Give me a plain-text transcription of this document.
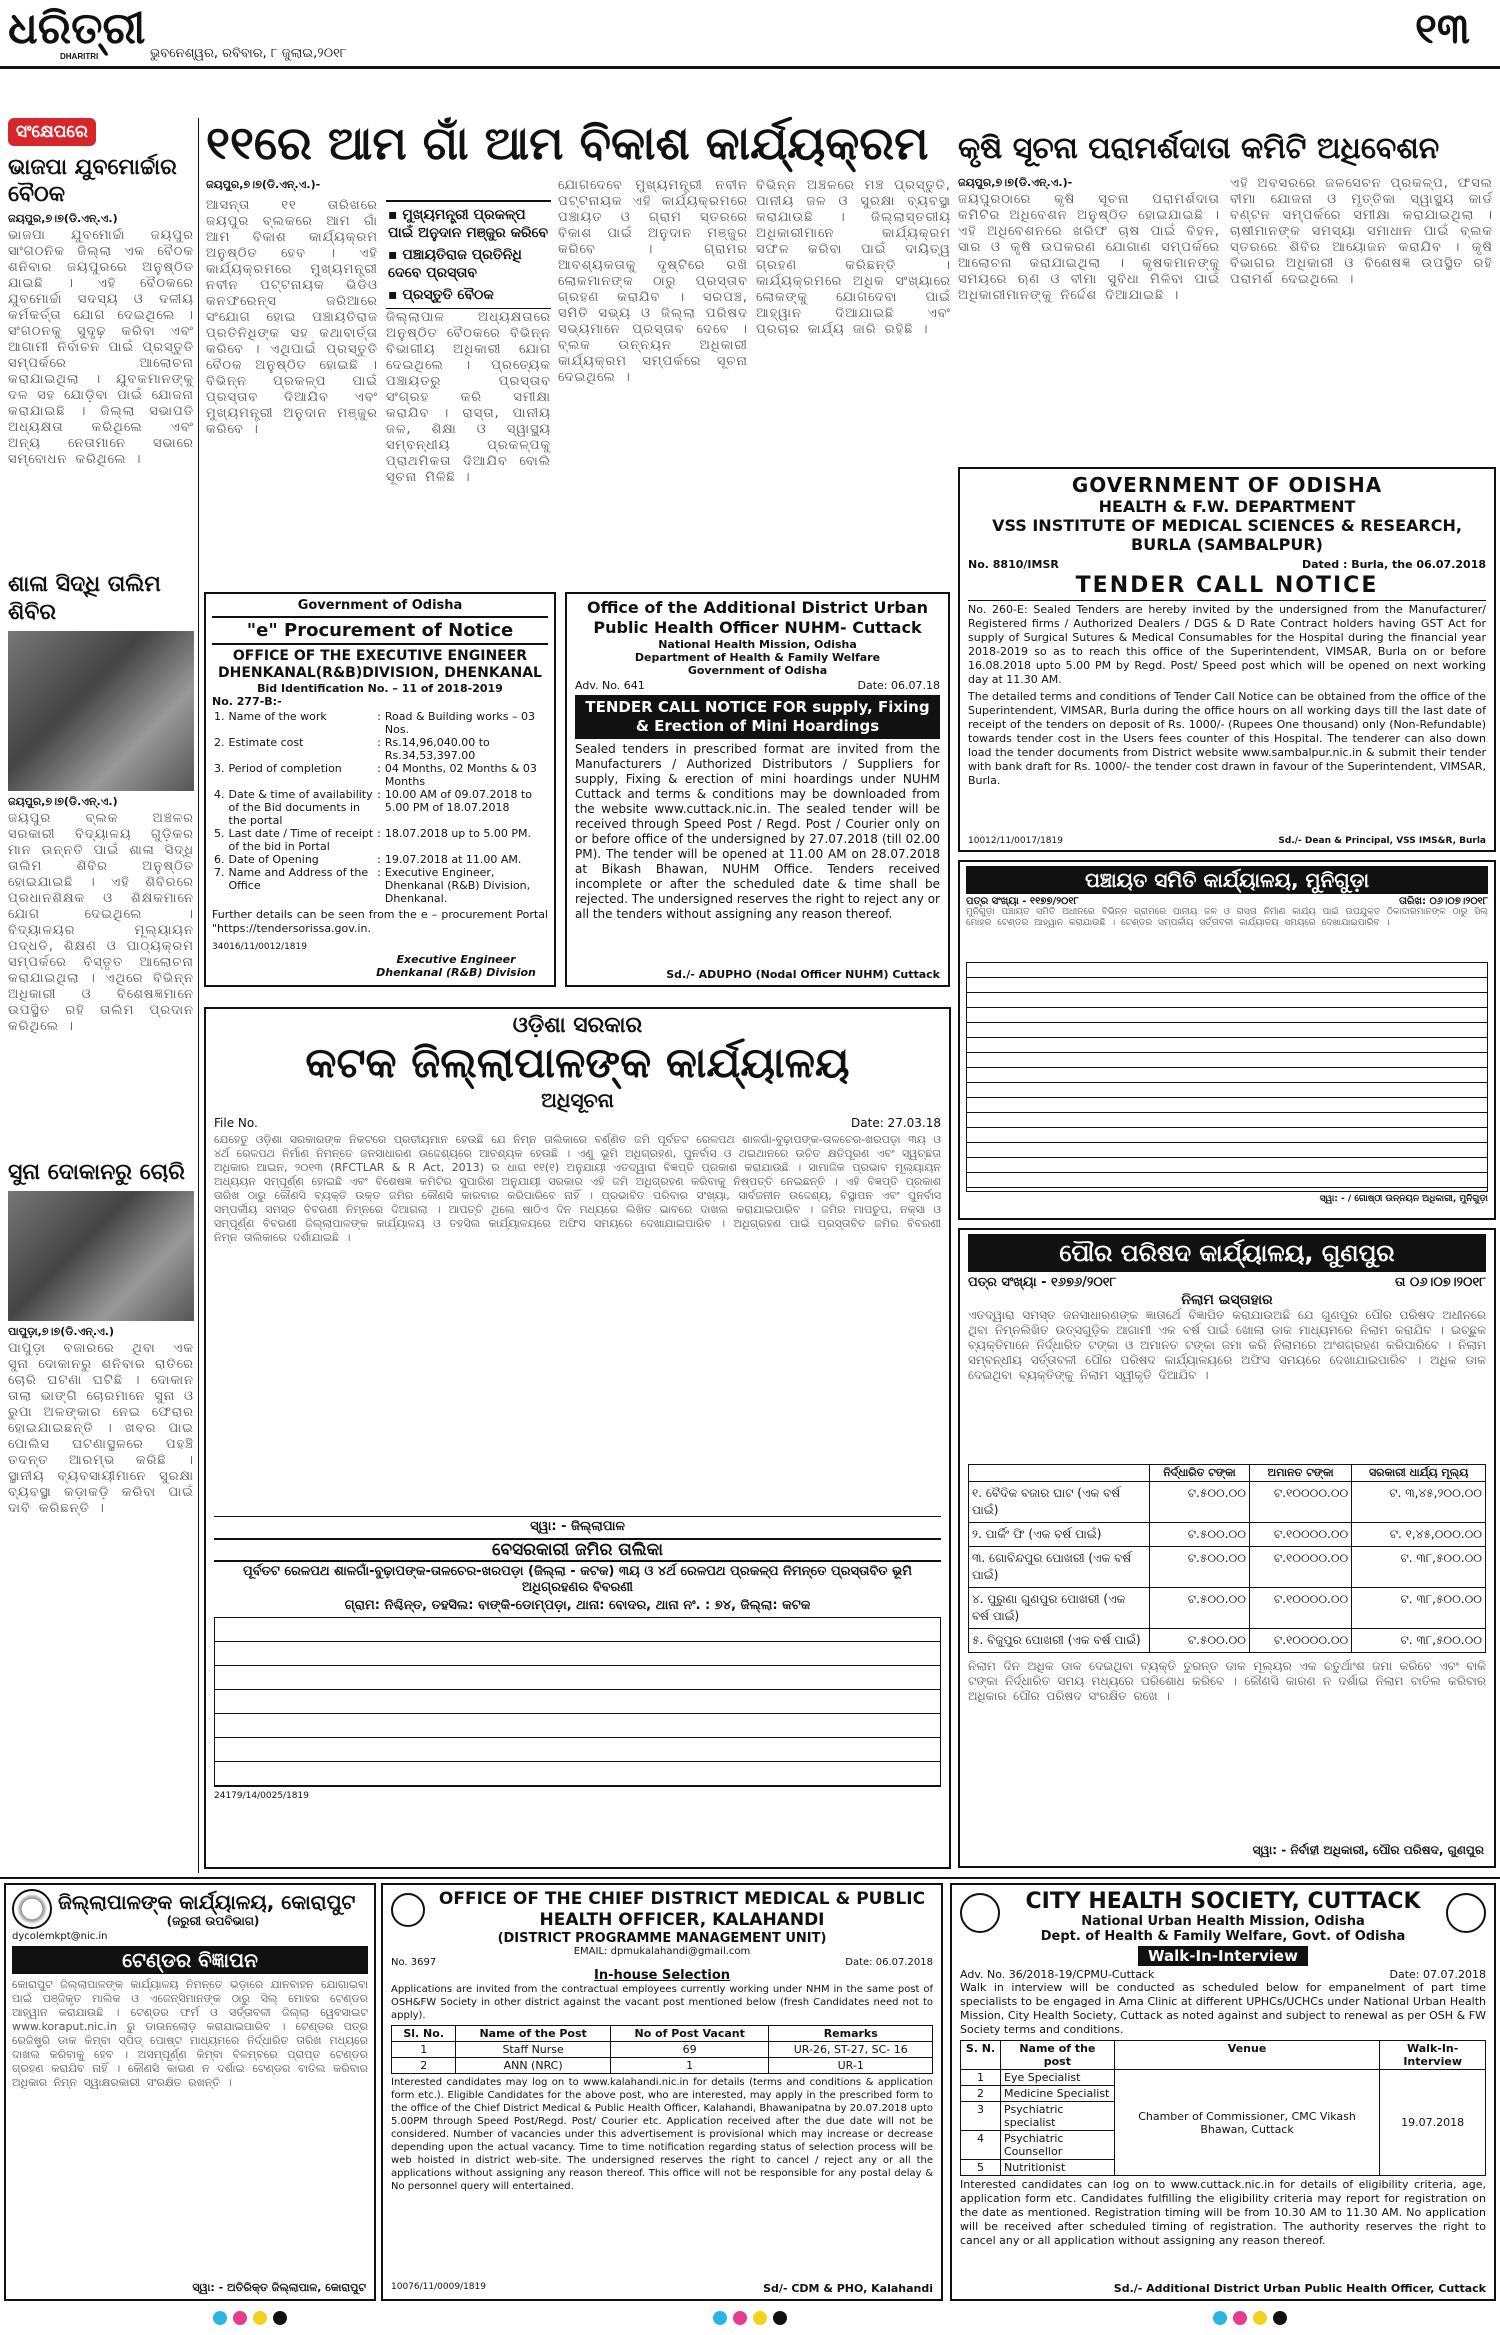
ଧରିତ୍ରୀ
DHARITRI	ଭୁବନେଶ୍ୱର, ରବିବାର, ୮ ଜୁଲାଇ,୨୦୧୮
୧୩
ସଂକ୍ଷେପରେ
ଭାଜପା ଯୁବମୋର୍ଚ୍ଚାର ବୈଠକ
ଜୟପୁର,୭।୭(ଡି.ଏନ୍.ଏ.)
ଭାଜପା ଯୁବମୋର୍ଚ୍ଚା ଜୟପୁର ସାଂଗଠନିକ ଜିଲ୍ଲା ଏକ ବୈଠକ ଶନିବାର ଜୟପୁରରେ ଅନୁଷ୍ଠିତ ଯାଇଛି । ଏହି ବୈଠକରେ ଯୁବମୋର୍ଚ୍ଚା ସଦସ୍ୟ ଓ ଦଳୀୟ କର୍ମକର୍ତ୍ତା ଯୋଗ ଦେଇଥିଲେ । ସଂଗଠନକୁ ସୁଦୃଢ଼ କରିବା ଏବଂ ଆଗାମୀ ନିର୍ବାଚନ ପାଇଁ ପ୍ରସ୍ତୁତି ସମ୍ପର୍କରେ ଆଲୋଚନା କରାଯାଇଥିଲା । ଯୁବକମାନଙ୍କୁ ଦଳ ସହ ଯୋଡ଼ିବା ପାଇଁ ଯୋଜନା କରାଯାଇଛି । ଜିଲ୍ଲା ସଭାପତି ଅଧ୍ୟକ୍ଷତା କରିଥିଲେ ଏବଂ ଅନ୍ୟ ନେତାମାନେ ସଭାରେ ସମ୍ବୋଧନ କରିଥିଲେ ।
ଶାଳା ସିଦ୍ଧି ତାଲିମ ଶିବିର
ଜୟପୁର,୭।୭(ଡି.ଏନ୍.ଏ.)
ଜୟପୁର ବ୍ଲକ ଅଞ୍ଚଳର ସରକାରୀ ବିଦ୍ୟାଳୟ ଗୁଡ଼ିକର ମାନ ଉନ୍ନତି ପାଇଁ ଶାଳା ସିଦ୍ଧି ତାଲିମ ଶିବିର ଅନୁଷ୍ଠିତ ହୋଇଯାଇଛି । ଏହି ଶିବିରରେ ପ୍ରଧାନଶିକ୍ଷକ ଓ ଶିକ୍ଷକମାନେ ଯୋଗ ଦେଇଥିଲେ । ବିଦ୍ୟାଳୟର ମୂଲ୍ୟାୟନ ପଦ୍ଧତି, ଶିକ୍ଷଣ ଓ ପାଠ୍ୟକ୍ରମ ସମ୍ପର୍କରେ ବିସ୍ତୃତ ଆଲୋଚନା କରାଯାଇଥିଲା । ଏଥିରେ ବିଭିନ୍ନ ଅଧିକାରୀ ଓ ବିଶେଷଜ୍ଞମାନେ ଉପସ୍ଥିତ ରହି ତାଲିମ ପ୍ରଦାନ କରିଥିଲେ ।
ସୁନା ଦୋକାନରୁ ଚୋରି
ପାପୁଡ଼ା,୭।୭(ଡି.ଏନ୍.ଏ.)
ପାପୁଡ଼ା ବଜାରରେ ଥିବା ଏକ ସୁନା ଦୋକାନରୁ ଶନିବାର ରାତିରେ ଚୋରି ଘଟଣା ଘଟିଛି । ଦୋକାନ ତାଲା ଭାଙ୍ଗି ଚୋରମାନେ ସୁନା ଓ ରୁପା ଅଳଙ୍କାର ନେଇ ଫେରାର ହୋଇଯାଇଛନ୍ତି । ଖବର ପାଇ ପୋଲିସ ଘଟଣାସ୍ଥଳରେ ପହଞ୍ଚି ତଦନ୍ତ ଆରମ୍ଭ କରିଛି । ସ୍ଥାନୀୟ ବ୍ୟବସାୟୀମାନେ ସୁରକ୍ଷା ବ୍ୟବସ୍ଥା କଡ଼ାକଡ଼ି କରିବା ପାଇଁ ଦାବି କରିଛନ୍ତି ।
୧୧ରେ ଆମ ଗାଁ ଆମ ବିକାଶ କାର୍ଯ୍ୟକ୍ରମ
ଜୟପୁର,୭।୭(ଡି.ଏନ୍.ଏ.)-
▪ ମୁଖ୍ୟମନ୍ତ୍ରୀ ପ୍ରକଳ୍ପ ପାଇଁ ଅନୁଦାନ ମଞ୍ଜୁର କରିବେ
▪ ପଞ୍ଚାୟତିରାଜ ପ୍ରତିନିଧି ଦେବେ ପ୍ରସ୍ତାବ
▪ ପ୍ରସ୍ତୁତି ବୈଠକ
ଆସନ୍ତା ୧୧ ତାରିଖରେ ଜୟପୁର ବ୍ଲକରେ ଆମ ଗାଁ ଆମ ବିକାଶ କାର୍ଯ୍ୟକ୍ରମ ଅନୁଷ୍ଠିତ ହେବ । ଏହି କାର୍ଯ୍ୟକ୍ରମରେ ମୁଖ୍ୟମନ୍ତ୍ରୀ ନବୀନ ପଟ୍ଟନାୟକ ଭିଡିଓ କନଫରେନ୍ସ ଜରିଆରେ ସଂଯୋଗ ହୋଇ ପଞ୍ଚାୟତିରାଜ ପ୍ରତିନିଧିଙ୍କ ସହ କଥାବାର୍ତ୍ତା କରିବେ । ଏଥିପାଇଁ ପ୍ରସ୍ତୁତି ବୈଠକ ଅନୁଷ୍ଠିତ ହୋଇଛି । ବିଭିନ୍ନ ପ୍ରକଳ୍ପ ପାଇଁ ପ୍ରସ୍ତାବ ଦିଆଯିବ ଏବଂ ମୁଖ୍ୟମନ୍ତ୍ରୀ ଅନୁଦାନ ମଞ୍ଜୁର କରିବେ ।
ଜିଲ୍ଲାପାଳ ଅଧ୍ୟକ୍ଷତାରେ ଅନୁଷ୍ଠିତ ବୈଠକରେ ବିଭିନ୍ନ ବିଭାଗୀୟ ଅଧିକାରୀ ଯୋଗ ଦେଇଥିଲେ । ପ୍ରତ୍ୟେକ ପଞ୍ଚାୟତରୁ ପ୍ରସ୍ତାବ ସଂଗ୍ରହ କରି ସମୀକ୍ଷା କରାଯିବ । ରାସ୍ତା, ପାନୀୟ ଜଳ, ଶିକ୍ଷା ଓ ସ୍ୱାସ୍ଥ୍ୟ ସମ୍ବନ୍ଧୀୟ ପ୍ରକଳ୍ପକୁ ପ୍ରାଥମିକତା ଦିଆଯିବ ବୋଲି ସୂଚନା ମିଳିଛି ।
ଯୋଗଦେବେ ମୁଖ୍ୟମନ୍ତ୍ରୀ ନବୀନ ପଟ୍ଟନାୟକ ଏହି କାର୍ଯ୍ୟକ୍ରମରେ ପଞ୍ଚାୟତ ଓ ଗ୍ରାମ ସ୍ତରରେ ବିକାଶ ପାଇଁ ଅନୁଦାନ ମଞ୍ଜୁର କରିବେ । ଗ୍ରାମର ଆବଶ୍ୟକତାକୁ ଦୃଷ୍ଟିରେ ରଖି ଲୋକମାନଙ୍କ ଠାରୁ ପ୍ରସ୍ତାବ ଗ୍ରହଣ କରାଯିବ । ସରପଞ୍ଚ, ସମିତି ସଭ୍ୟ ଓ ଜିଲ୍ଲା ପରିଷଦ ସଭ୍ୟମାନେ ପ୍ରସ୍ତାବ ଦେବେ । ବ୍ଲକ ଉନ୍ନୟନ ଅଧିକାରୀ କାର୍ଯ୍ୟକ୍ରମ ସମ୍ପର୍କରେ ସୂଚନା ଦେଇଥିଲେ ।
ବିଭିନ୍ନ ଅଞ୍ଚଳରେ ମଞ୍ଚ ପ୍ରସ୍ତୁତି, ପାନୀୟ ଜଳ ଓ ସୁରକ୍ଷା ବ୍ୟବସ୍ଥା କରାଯାଉଛି । ଜିଲ୍ଲାସ୍ତରୀୟ ଅଧିକାରୀମାନେ କାର୍ଯ୍ୟକ୍ରମ ସଫଳ କରିବା ପାଇଁ ଦାୟିତ୍ୱ ଗ୍ରହଣ କରିଛନ୍ତି । କାର୍ଯ୍ୟକ୍ରମରେ ଅଧିକ ସଂଖ୍ୟାରେ ଲୋକଙ୍କୁ ଯୋଗଦେବା ପାଇଁ ଆହ୍ୱାନ ଦିଆଯାଇଛି ଏବଂ ପ୍ରଚାର କାର୍ଯ୍ୟ ଜାରି ରହିଛି ।
କୃଷି ସୂଚନା ପରାମର୍ଶଦାତା କମିଟି ଅଧିବେଶନ
ଜୟପୁର,୭।୭(ଡି.ଏନ୍.ଏ.)-
ଜୟପୁରଠାରେ କୃଷି ସୂଚନା ପରାମର୍ଶଦାତା କମିଟିର ଅଧିବେଶନ ଅନୁଷ୍ଠିତ ହୋଇଯାଇଛି । ଏହି ଅଧିବେଶନରେ ଖରିଫ ଚାଷ ପାଇଁ ବିହନ, ସାର ଓ କୃଷି ଉପକରଣ ଯୋଗାଣ ସମ୍ପର୍କରେ ଆଲୋଚନା କରାଯାଇଥିଲା । କୃଷକମାନଙ୍କୁ ସମୟରେ ଋଣ ଓ ବୀମା ସୁବିଧା ମିଳିବା ପାଇଁ ଅଧିକାରୀମାନଙ୍କୁ ନିର୍ଦ୍ଦେଶ ଦିଆଯାଇଛି ।
ଏହି ଅବସରରେ ଜଳସେଚନ ପ୍ରକଳ୍ପ, ଫସଲ ବୀମା ଯୋଜନା ଓ ମୃତ୍ତିକା ସ୍ୱାସ୍ଥ୍ୟ କାର୍ଡ ବଣ୍ଟନ ସମ୍ପର୍କରେ ସମୀକ୍ଷା କରାଯାଇଥିଲା । ଚାଷୀମାନଙ୍କ ସମସ୍ୟା ସମାଧାନ ପାଇଁ ବ୍ଲକ ସ୍ତରରେ ଶିବିର ଆୟୋଜନ କରାଯିବ । କୃଷି ବିଭାଗର ଅଧିକାରୀ ଓ ବିଶେଷଜ୍ଞ ଉପସ୍ଥିତ ରହି ପରାମର୍ଶ ଦେଇଥିଲେ ।
Government of Odisha
"e" Procurement of Notice
OFFICE OF THE EXECUTIVE ENGINEER DHENKANAL(R&B)DIVISION, DHENKANAL
Bid Identification No. – 11 of 2018-2019
No. 277-B:-
1.	Name of the work	:	Road & Building works – 03 Nos.
2.	Estimate cost	:	Rs.14,96,040.00 to Rs.34,53,397.00
3.	Period of completion	:	04 Months, 02 Months & 03 Months
4.	Date & time of availability of the Bid documents in the portal	:	10.00 AM of 09.07.2018 to 5.00 PM of 18.07.2018
5.	Last date / Time of receipt of the bid in Portal	:	18.07.2018 up to 5.00 PM.
6.	Date of Opening	:	19.07.2018 at 11.00 AM.
7.	Name and Address of the Office	:	Executive Engineer, Dhenkanal (R&B) Division, Dhenkanal.
Further details can be seen from the e – procurement Portal "https://tendersorissa.gov.in.
34016/11/0012/1819
Executive Engineer Dhenkanal (R&B) Division
Office of the Additional District Urban Public Health Officer NUHM- Cuttack
National Health Mission, Odisha
Department of Health & Family Welfare
Government of Odisha
Adv. No. 641	Date: 06.07.18
TENDER CALL NOTICE FOR supply, Fixing & Erection of Mini Hoardings
Sealed tenders in prescribed format are invited from the Manufacturers / Authorized Distributors / Suppliers for supply, Fixing & erection of mini hoardings under NUHM Cuttack and terms & conditions may be downloaded from the website www.cuttack.nic.in. The sealed tender will be received through Speed Post / Regd. Post / Courier only on or before office of the undersigned by 27.07.2018 (till 02.00 PM). The tender will be opened at 11.00 AM on 28.07.2018 at Bikash Bhawan, NUHM Office. Tenders received incomplete or after the scheduled date & time shall be rejected. The undersigned reserves the right to reject any or all the tenders without assigning any reason thereof.
Sd./- ADUPHO (Nodal Officer NUHM) Cuttack
GOVERNMENT OF ODISHA
HEALTH & F.W. DEPARTMENT
VSS INSTITUTE OF MEDICAL SCIENCES & RESEARCH, BURLA (SAMBALPUR)
No. 8810/IMSR	Dated : Burla, the 06.07.2018
TENDER CALL NOTICE
No. 260-E: Sealed Tenders are hereby invited by the undersigned from the Manufacturer/ Registered firms / Authorized Dealers / DGS & D Rate Contract holders having GST Act for supply of Surgical Sutures & Medical Consumables for the Hospital during the financial year 2018-2019 so as to reach this office of the Superintendent, VIMSAR, Burla on or before 16.08.2018 upto 5.00 PM by Regd. Post/ Speed post which will be opened on next working day at 11.30 AM.
The detailed terms and conditions of Tender Call Notice can be obtained from the office of the Superintendent, VIMSAR, Burla during the office hours on all working days till the last date of receipt of the tenders on deposit of Rs. 1000/- (Rupees One thousand) only (Non-Refundable) towards tender cost in the Users fees counter of this Hospital. The tenderer can also down load the tender documents from District website www.sambalpur.nic.in & submit their tender with bank draft for Rs. 1000/- the tender cost drawn in favour of the Superintendent, VIMSAR, Burla.
10012/11/0017/1819	Sd./- Dean & Principal, VSS IMS&R, Burla
ପଞ୍ଚାୟତ ସମିତି କାର୍ଯ୍ୟାଳୟ, ମୁନିଗୁଡ଼ା
ପତ୍ର ସଂଖ୍ୟା - ୧୧୭୭/୨୦୧୮	ତାରିଖ: ୦୬।୦୭।୨୦୧୮
ମୁନିଗୁଡ଼ା ପଞ୍ଚାୟତ ସମିତି ଅଧୀନରେ ବିଭିନ୍ନ ଗ୍ରାମରେ ପାନୀୟ ଜଳ ଓ ରାସ୍ତା ନିର୍ମାଣ କାର୍ଯ୍ୟ ପାଇଁ ଉପଯୁକ୍ତ ଠିକାଦାରମାନଙ୍କ ଠାରୁ ସିଲ୍ ମୋହର ଟେଣ୍ଡର ଆହ୍ୱାନ କରାଯାଉଛି । ଟେଣ୍ଡର ସମ୍ପର୍କୀୟ ସର୍ତ୍ତାବଳୀ କାର୍ଯ୍ୟାଳୟ ସମୟରେ ଦେଖାଯାଇପାରିବ ।
ସ୍ୱା: - / ଗୋଷ୍ଠୀ ଉନ୍ନୟନ ଅଧିକାରୀ, ମୁନିଗୁଡ଼ା
ଓଡ଼ିଶା ସରକାର
କଟକ ଜିଲ୍ଲାପାଳଙ୍କ କାର୍ଯ୍ୟାଳୟ
ଅଧିସୂଚନା
File No.	Date: 27.03.18
ଯେହେତୁ ଓଡ଼ିଶା ସରକାରଙ୍କ ନିକଟରେ ପ୍ରତୀୟମାନ ହେଉଛି ଯେ ନିମ୍ନ ତାଲିକାରେ ବର୍ଣ୍ଣିତ ଜମି ପୂର୍ବତଟ ରେଳପଥ ଶାଳଗାଁ-ବୁଢ଼ାପଙ୍କ-ତାଳଚେର-ଖରପଡ଼ା ୩ୟ ଓ ୪ର୍ଥ ରେଳପଥ ନିର୍ମାଣ ନିମନ୍ତେ ଜନସାଧାରଣ ଉଦ୍ଦେଶ୍ୟରେ ଆବଶ୍ୟକ ହେଉଛି । ଏଣୁ ଭୂମି ଅଧିଗ୍ରହଣ, ପୁନର୍ବାସ ଓ ଥଇଥାନରେ ଉଚିତ କ୍ଷତିପୂରଣ ଏବଂ ସ୍ୱଚ୍ଛତା ଅଧିକାର ଆଇନ, ୨୦୧୩ (RFCTLAR & R Act, 2013) ର ଧାରା ୧୧(୧) ଅନୁଯାୟୀ ଏତଦ୍ୱାରା ବିଜ୍ଞପ୍ତି ପ୍ରକାଶ କରାଯାଉଛି । ସାମାଜିକ ପ୍ରଭାବ ମୂଲ୍ୟାୟନ ଅଧ୍ୟୟନ ସମ୍ପୂର୍ଣ୍ଣ ହୋଇଛି ଏବଂ ବିଶେଷଜ୍ଞ କମିଟିର ସୁପାରିଶ ଅନୁଯାୟୀ ସରକାର ଏହି ଜମି ଅଧିଗ୍ରହଣ କରିବାକୁ ନିଷ୍ପତ୍ତି ନେଇଛନ୍ତି । ଏହି ବିଜ୍ଞପ୍ତି ପ୍ରକାଶ ତାରିଖ ଠାରୁ କୌଣସି ବ୍ୟକ୍ତି ଉକ୍ତ ଜମିର କୌଣସି କାରବାର କରିପାରିବେ ନାହିଁ । ପ୍ରଭାବିତ ପରିବାର ସଂଖ୍ୟା, ସାର୍ବଜନୀନ ଉଦ୍ଦେଶ୍ୟ, ବିସ୍ଥାପନ ଏବଂ ପୁନର୍ବାସ ସମ୍ପର୍କୀୟ ସମସ୍ତ ବିବରଣୀ ନିମ୍ନରେ ଦିଆଗଲା । ଆପତ୍ତି ଥିଲେ ଷାଠିଏ ଦିନ ମଧ୍ୟରେ ଲିଖିତ ଭାବରେ ଦାଖଲ କରାଯାଇପାରିବ । ଜମିର ମାପଚୁପ, ନକ୍ସା ଓ ସମ୍ପୂର୍ଣ୍ଣ ବିବରଣୀ ଜିଲ୍ଲାପାଳଙ୍କ କାର୍ଯ୍ୟାଳୟ ଓ ତହସିଲ କାର୍ଯ୍ୟାଳୟରେ ଅଫିସ ସମୟରେ ଦେଖାଯାଇପାରିବ । ଅଧିଗ୍ରହଣ ପାଇଁ ପ୍ରସ୍ତାବିତ ଜମିର ବିବରଣୀ ନିମ୍ନ ତାଲିକାରେ ଦର୍ଶାଯାଇଛି ।
ସ୍ୱା: - ଜିଲ୍ଲାପାଳ
ବେସରକାରୀ ଜମିର ତାଲିକା
ପୂର୍ବତଟ ରେଳପଥ ଶାଳଗାଁ-ବୁଢ଼ାପଙ୍କ-ତାଳଚେର-ଖରପଡ଼ା (ଜିଲ୍ଲା - କଟକ) ୩ୟ ଓ ୪ର୍ଥ ରେଳପଥ ପ୍ରକଳ୍ପ ନିମନ୍ତେ ପ୍ରସ୍ତାବିତ ଭୂମି ଅଧିଗ୍ରହଣର ବିବରଣୀ
ଗ୍ରାମ: ନିଶ୍ଚିନ୍ତ, ତହସିଲ: ବାଙ୍କି-ଡୋମ୍ପଡ଼ା, ଥାନା: ବୋଦର, ଥାନା ନଂ. : ୭୪, ଜିଲ୍ଲା: କଟକ
24179/14/0025/1819
ପୌର ପରିଷଦ କାର୍ଯ୍ୟାଳୟ, ଗୁଣପୁର
ପତ୍ର ସଂଖ୍ୟା - ୧୬୭୬/୨୦୧୮	ତା ୦୬।୦୭।୨୦୧୮
ନିଲାମ ଇସ୍ତାହାର
ଏତଦ୍ୱାରା ସମସ୍ତ ଜନସାଧାରଣଙ୍କ ଜ୍ଞାତାର୍ଥେ ବିଜ୍ଞାପିତ କରାଯାଉଅଛି ଯେ ଗୁଣପୁର ପୌର ପରିଷଦ ଅଧୀନରେ ଥିବା ନିମ୍ନଲିଖିତ ଉତ୍ସଗୁଡ଼ିକ ଆଗାମୀ ଏକ ବର୍ଷ ପାଇଁ ଖୋଲା ଡାକ ମାଧ୍ୟମରେ ନିଲାମ କରାଯିବ । ଇଚ୍ଛୁକ ବ୍ୟକ୍ତିମାନେ ନିର୍ଦ୍ଧାରିତ ଟଙ୍କା ଓ ଅମାନତ ଟଙ୍କା ଜମା କରି ନିଲାମରେ ଅଂଶଗ୍ରହଣ କରିପାରିବେ । ନିଲାମ ସମ୍ବନ୍ଧୀୟ ସର୍ତ୍ତାବଳୀ ପୌର ପରିଷଦ କାର୍ଯ୍ୟାଳୟରେ ଅଫିସ ସମୟରେ ଦେଖାଯାଇପାରିବ । ଅଧିକ ଡାକ ଦେଇଥିବା ବ୍ୟକ୍ତିଙ୍କୁ ନିଲାମ ସ୍ୱୀକୃତି ଦିଆଯିବ ।
	ନିର୍ଦ୍ଧାରିତ ଟଙ୍କା	ଅମାନତ ଟଙ୍କା	ସରକାରୀ ଧାର୍ଯ୍ୟ ମୂଲ୍ୟ
୧. ବୈଦିକ ବଜାର ଘାଟ (ଏକ ବର୍ଷ ପାଇଁ)	ଟ.୫୦୦.୦୦	ଟ.୧୦୦୦୦.୦୦	ଟ. ୩,୪୫,୨୦୦.୦୦
୨. ପାର୍କିଂ ଫି (ଏକ ବର୍ଷ ପାଇଁ)	ଟ.୫୦୦.୦୦	ଟ.୧୦୦୦୦.୦୦	ଟ. ୧,୪୫,୦୦୦.୦୦
୩. ଗୋବିନ୍ଦପୁର ପୋଖରୀ (ଏକ ବର୍ଷ ପାଇଁ)	ଟ.୫୦୦.୦୦	ଟ.୧୦୦୦୦.୦୦	ଟ. ୩୮,୫୦୦.୦୦
୪. ପୁରୁଣା ଗୁଣପୁର ପୋଖରୀ (ଏକ ବର୍ଷ ପାଇଁ)	ଟ.୫୦୦.୦୦	ଟ.୧୦୦୦୦.୦୦	ଟ. ୩୮,୫୦୦.୦୦
୫. ବିଜୁପୁର ପୋଖରୀ (ଏକ ବର୍ଷ ପାଇଁ)	ଟ.୫୦୦.୦୦	ଟ.୧୦୦୦୦.୦୦	ଟ. ୩୮,୫୦୦.୦୦
ନିଲାମ ଦିନ ଅଧିକ ଡାକ ଦେଇଥିବା ବ୍ୟକ୍ତି ତୁରନ୍ତ ଡାକ ମୂଲ୍ୟର ଏକ ଚତୁର୍ଥାଂଶ ଜମା କରିବେ ଏବଂ ବାକି ଟଙ୍କା ନିର୍ଦ୍ଧାରିତ ସମୟ ମଧ୍ୟରେ ପରିଶୋଧ କରିବେ । କୌଣସି କାରଣ ନ ଦର୍ଶାଇ ନିଲାମ ବାତିଲ କରିବାର ଅଧିକାର ପୌର ପରିଷଦ ସଂରକ୍ଷିତ ରଖେ ।
ସ୍ୱା: - ନିର୍ବାହୀ ଅଧିକାରୀ, ପୌର ପରିଷଦ, ଗୁଣପୁର
ଜିଲ୍ଲାପାଳଙ୍କ କାର୍ଯ୍ୟାଳୟ, କୋରାପୁଟ
(ଜରୁରୀ ଉପବିଭାଗ)
dycolemkpt@nic.in
ଟେଣ୍ଡର ବିଜ୍ଞାପନ
କୋରାପୁଟ ଜିଲ୍ଲାପାଳଙ୍କ କାର୍ଯ୍ୟାଳୟ ନିମନ୍ତେ ଭଡ଼ାରେ ଯାନବାହନ ଯୋଗାଇବା ପାଇଁ ପଞ୍ଜିକୃତ ମାଲିକ ଓ ଏଜେନ୍ସିମାନଙ୍କ ଠାରୁ ସିଲ୍ ମୋହର ଟେଣ୍ଡର ଆହ୍ୱାନ କରାଯାଉଛି । ଟେଣ୍ଡର ଫର୍ମ ଓ ସର୍ତ୍ତାବଳୀ ଜିଲ୍ଲା ୱେବସାଇଟ www.koraput.nic.in ରୁ ଡାଉନଲୋଡ଼ କରାଯାଇପାରିବ । ଟେଣ୍ଡର ପତ୍ର ରେଜିଷ୍ଟ୍ରି ଡାକ କିମ୍ବା ସ୍ପିଡ୍ ପୋଷ୍ଟ ମାଧ୍ୟମରେ ନିର୍ଦ୍ଧାରିତ ତାରିଖ ମଧ୍ୟରେ ଦାଖଲ କରିବାକୁ ହେବ । ଅସମ୍ପୂର୍ଣ୍ଣ କିମ୍ବା ବିଳମ୍ବରେ ପ୍ରାପ୍ତ ଟେଣ୍ଡର ଗ୍ରହଣ କରାଯିବ ନାହିଁ । କୌଣସି କାରଣ ନ ଦର୍ଶାଇ ଟେଣ୍ଡର ବାତିଲ କରିବାର ଅଧିକାର ନିମ୍ନ ସ୍ୱାକ୍ଷରକାରୀ ସଂରକ୍ଷିତ ରଖନ୍ତି ।
ସ୍ୱା: - ଅତିରିକ୍ତ ଜିଲ୍ଲାପାଳ, କୋରାପୁଟ
OFFICE OF THE CHIEF DISTRICT MEDICAL & PUBLIC HEALTH OFFICER, KALAHANDI
(DISTRICT PROGRAMME MANAGEMENT UNIT)
EMAIL: dpmukalahandi@gmail.com
No. 3697	Date: 06.07.2018
In-house Selection
Applications are invited from the contractual employees currently working under NHM in the same post of OSH&FW Society in other district against the vacant post mentioned below (fresh Candidates need not to apply).
Sl. No.	Name of the Post	No of Post Vacant	Remarks
1	Staff Nurse	69	UR-26, ST-27, SC- 16
2	ANN (NRC)	1	UR-1
Interested candidates may log on to www.kalahandi.nic.in for details (terms and conditions & application form etc.). Eligible Candidates for the above post, who are interested, may apply in the prescribed form to the office of the Chief District Medical & Public Health Officer, Kalahandi, Bhawanipatna by 20.07.2018 upto 5.00PM through Speed Post/Regd. Post/ Courier etc. Application received after the due date will not be considered. Number of vacancies under this advertisement is provisional which may increase or decrease depending upon the actual vacancy. Time to time notification regarding status of selection process will be web hoisted in district web-site. The undersigned reserves the right to cancel / reject any or all the applications without assigning any reason thereof. This office will not be responsible for any postal delay & No personnel query will entertained.
10076/11/0009/1819	Sd/- CDM & PHO, Kalahandi
CITY HEALTH SOCIETY, CUTTACK
National Urban Health Mission, Odisha
Dept. of Health & Family Welfare, Govt. of Odisha
Walk-In-Interview
Adv. No. 36/2018-19/CPMU-Cuttack	Date: 07.07.2018
Walk in interview will be conducted as scheduled below for empanelment of part time specialists to be engaged in Ama Clinic at different UPHCs/UCHCs under National Urban Health Mission, City Health Society, Cuttack as noted against and subject to renewal as per OSH & FW Society terms and conditions.
S. N.	Name of the post	Venue	Walk-In-Interview
1	Eye Specialist	Chamber of Commissioner, CMC Vikash Bhawan, Cuttack	19.07.2018
2	Medicine Specialist		
3	Psychiatric specialist		
4	Psychiatric Counsellor		
5	Nutritionist		
Interested candidates can log on to www.cuttack.nic.in for details of eligibility criteria, age, application form etc. Candidates fulfilling the eligibility criteria may report for registration on the date as mentioned. Registration timing will be from 10.30 AM to 11.30 AM. No application will be received after scheduled timing of registration. The authority reserves the right to cancel any or all application without assigning any reason thereof.
Sd./- Additional District Urban Public Health Officer, Cuttack
